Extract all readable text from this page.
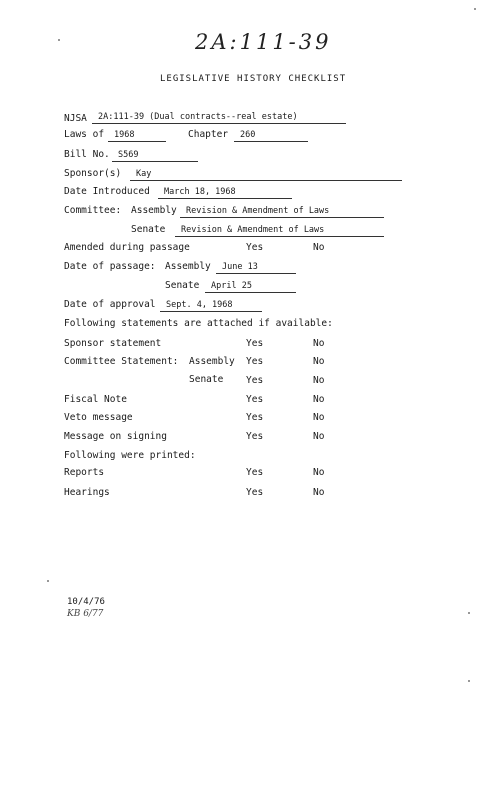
2A:111-39
LEGISLATIVE HISTORY CHECKLIST
NJSA	2A:111-39 (Dual contracts--real estate)
Laws of	1968	Chapter	260
Bill No. S569
Sponsor(s)	Kay
Date Introduced	March 18, 1968
Committee: Assembly	Revision & Amendment of Laws
Senate	Revision & Amendment of Laws
Amended during passage	Yes	No
Date of passage: Assembly	June 13
Senate	April 25
Date of approval	Sept. 4, 1968
Following statements are attached if available:
Sponsor statement	Yes	No
Committee Statement: Assembly Yes	No
Senate Yes	No
Fiscal Note	Yes	No
Veto message	Yes	No
Message on signing	Yes	No
Following were printed:
Reports	Yes	No
Hearings	Yes	No
10/4/76
KB 6/77
